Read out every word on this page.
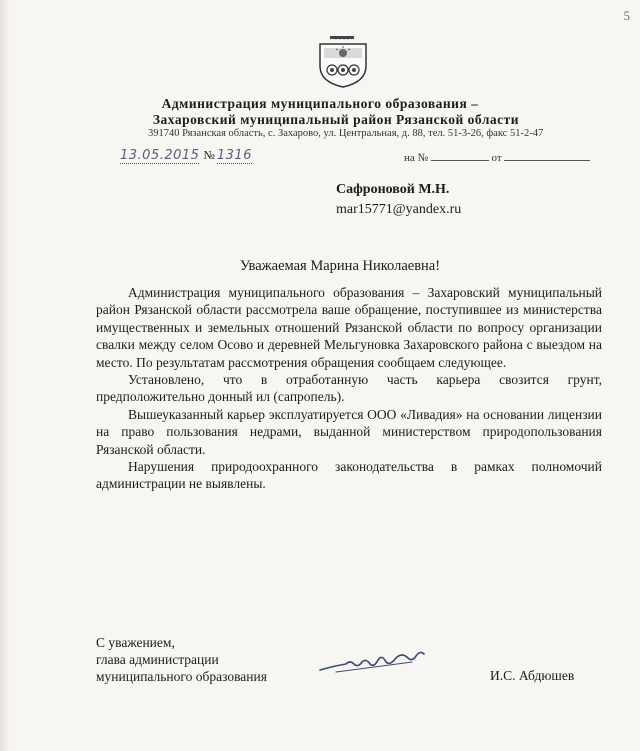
5
Администрация муниципального образования –
Захаровский муниципальный район Рязанской области
391740 Рязанская область, с. Захарово, ул. Центральная, д. 88, тел. 51-3-26, факс 51-2-47
13.05.2015 № 1316	на №	от
Сафроновой М.Н.
mar15771@yandex.ru
Уважаемая Марина Николаевна!

Администрация муниципального образования – Захаровский муниципальный район Рязанской области рассмотрела ваше обращение, поступившее из министерства имущественных и земельных отношений Рязанской области по вопросу организации свалки между селом Осово и деревней Мельгуновка Захаровского района с выездом на место. По результатам рассмотрения обращения сообщаем следующее.

Установлено, что в отработанную часть карьера свозится грунт, предположительно донный ил (сапропель).

Вышеуказанный карьер эксплуатируется ООО «Ливадия» на основании лицензии на право пользования недрами, выданной министерством природопользования Рязанской области.

Нарушения природоохранного законодательства в рамках полномочий администрации не выявлены.

С уважением,
глава администрации
муниципального образования	И.С. Абдюшев
